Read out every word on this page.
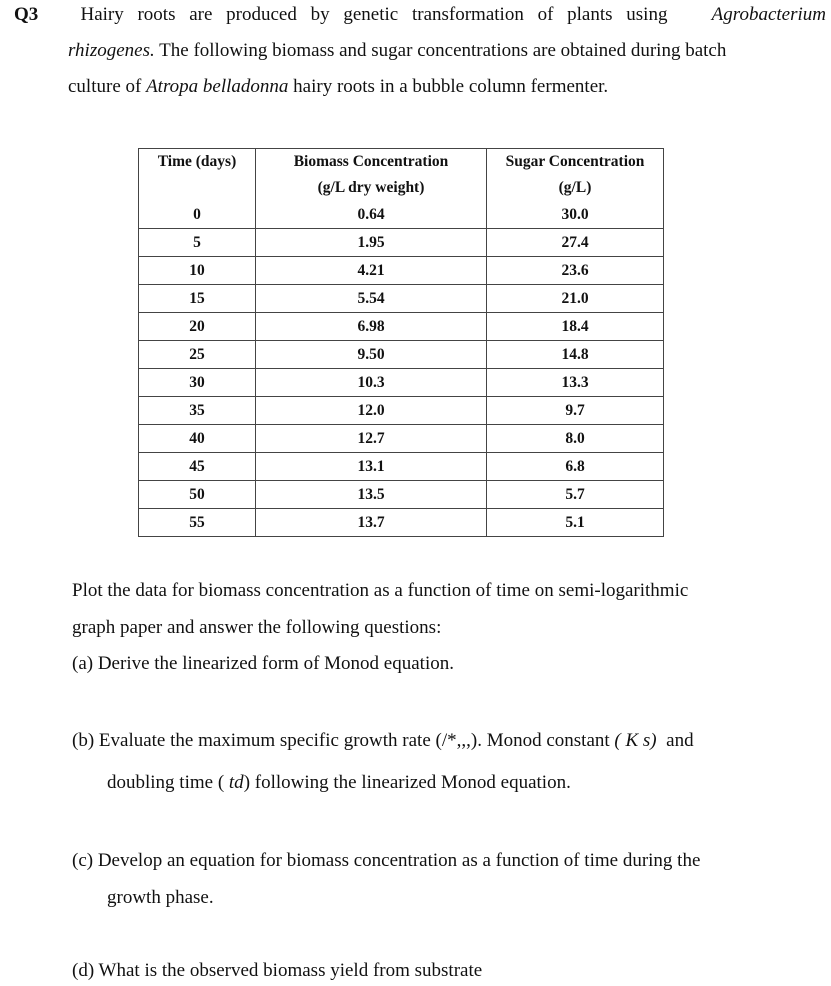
Q3 Hairy roots are produced by genetic transformation of plants using Agrobacterium
rhizogenes. The following biomass and sugar concentrations are obtained during batch
culture of Atropa belladonna hairy roots in a bubble column fermenter.
Time (days)	Biomass Concentration	Sugar Concentration
	(g/L dry weight)	(g/L)
0	0.64	30.0
5	1.95	27.4
10	4.21	23.6
15	5.54	21.0
20	6.98	18.4
25	9.50	14.8
30	10.3	13.3
35	12.0	9.7
40	12.7	8.0
45	13.1	6.8
50	13.5	5.7
55	13.7	5.1
Plot the data for biomass concentration as a function of time on semi-logarithmic
graph paper and answer the following questions:
(a) Derive the linearized form of Monod equation.
(b) Evaluate the maximum specific growth rate (/*,,,). Monod constant ( K s) and
doubling time ( td) following the linearized Monod equation.
(c) Develop an equation for biomass concentration as a function of time during the
growth phase.
(d) What is the observed biomass yield from substrate
